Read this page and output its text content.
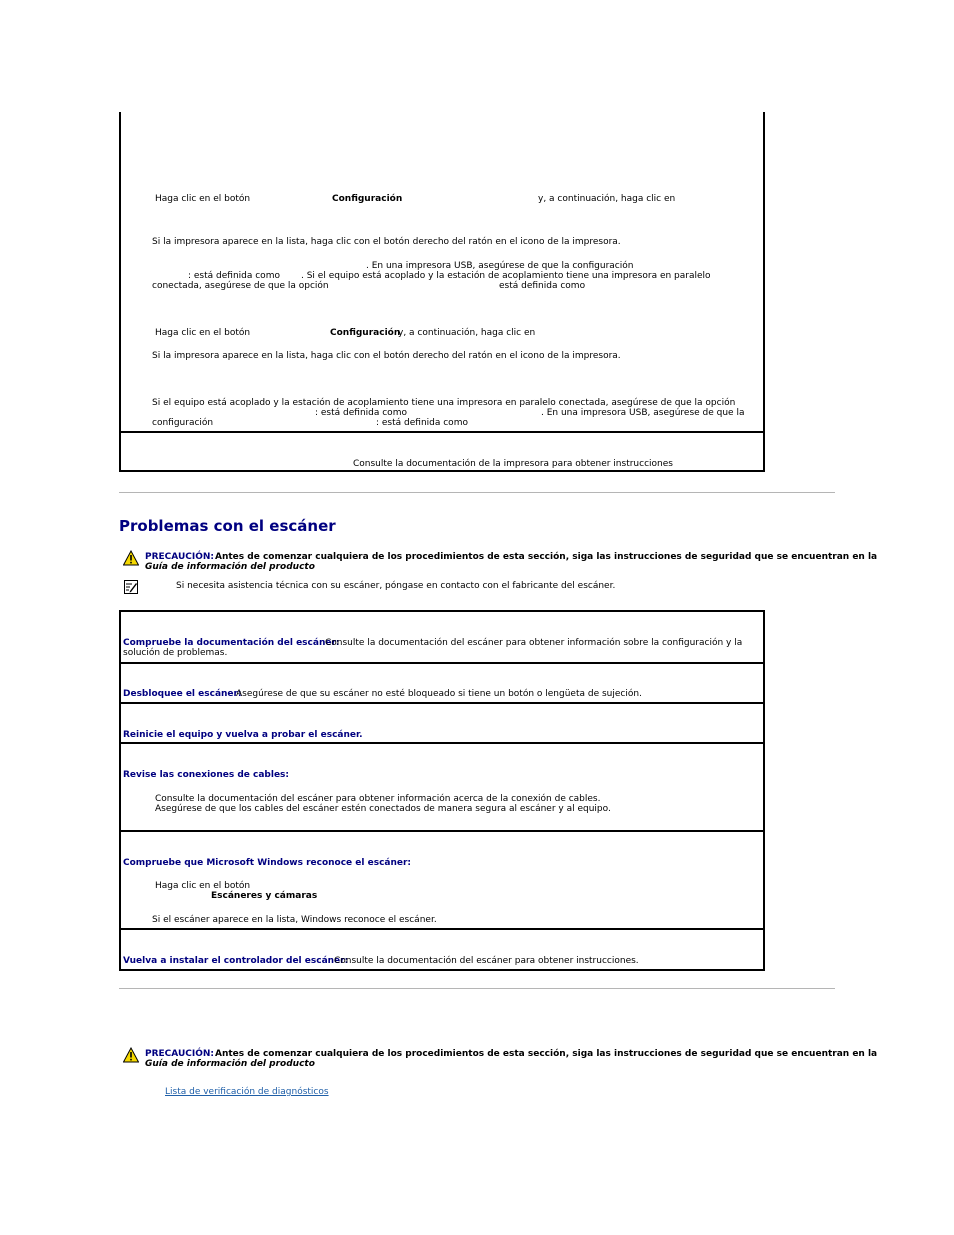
Haga clic en el botón	Configuración	y, a continuación, haga clic en
Si la impresora aparece en la lista, haga clic con el botón derecho del ratón en el icono de la impresora.
. En una impresora USB, asegúrese de que la configuración
: está definida como . Si el equipo está acoplado y la estación de acoplamiento tiene una impresora en paralelo
conectada, asegúrese de que la opción	está definida como
Haga clic en el botón	Configuración
y, a continuación, haga clic en
Si la impresora aparece en la lista, haga clic con el botón derecho del ratón en el icono de la impresora.
Si el equipo está acoplado y la estación de acoplamiento tiene una impresora en paralelo conectada, asegúrese de que la opción
: está definida como	. En una impresora USB, asegúrese de que la
configuración	: está definida como
Consulte la documentación de la impresora para obtener instrucciones
Problemas con el escáner
PRECAUCIÓN: Antes de comenzar cualquiera de los procedimientos de esta sección, siga las instrucciones de seguridad que se encuentran en la
Guía de información del producto
Si necesita asistencia técnica con su escáner, póngase en contacto con el fabricante del escáner.
Compruebe la documentación del escáner:
Consulte la documentación del escáner para obtener información sobre la configuración y la
solución de problemas.
Desbloquee el escáner:
Asegúrese de que su escáner no esté bloqueado si tiene un botón o lengüeta de sujeción.
Reinicie el equipo y vuelva a probar el escáner.
Revise las conexiones de cables:
Consulte la documentación del escáner para obtener información acerca de la conexión de cables.
Asegúrese de que los cables del escáner estén conectados de manera segura al escáner y al equipo.
Compruebe que Microsoft Windows reconoce el escáner:
Haga clic en el botón
Escáneres y cámaras
Si el escáner aparece en la lista, Windows reconoce el escáner.
Vuelva a instalar el controlador del escáner:
Consulte la documentación del escáner para obtener instrucciones.
PRECAUCIÓN: Antes de comenzar cualquiera de los procedimientos de esta sección, siga las instrucciones de seguridad que se encuentran en la
Guía de información del producto
Lista de verificación de diagnósticos
